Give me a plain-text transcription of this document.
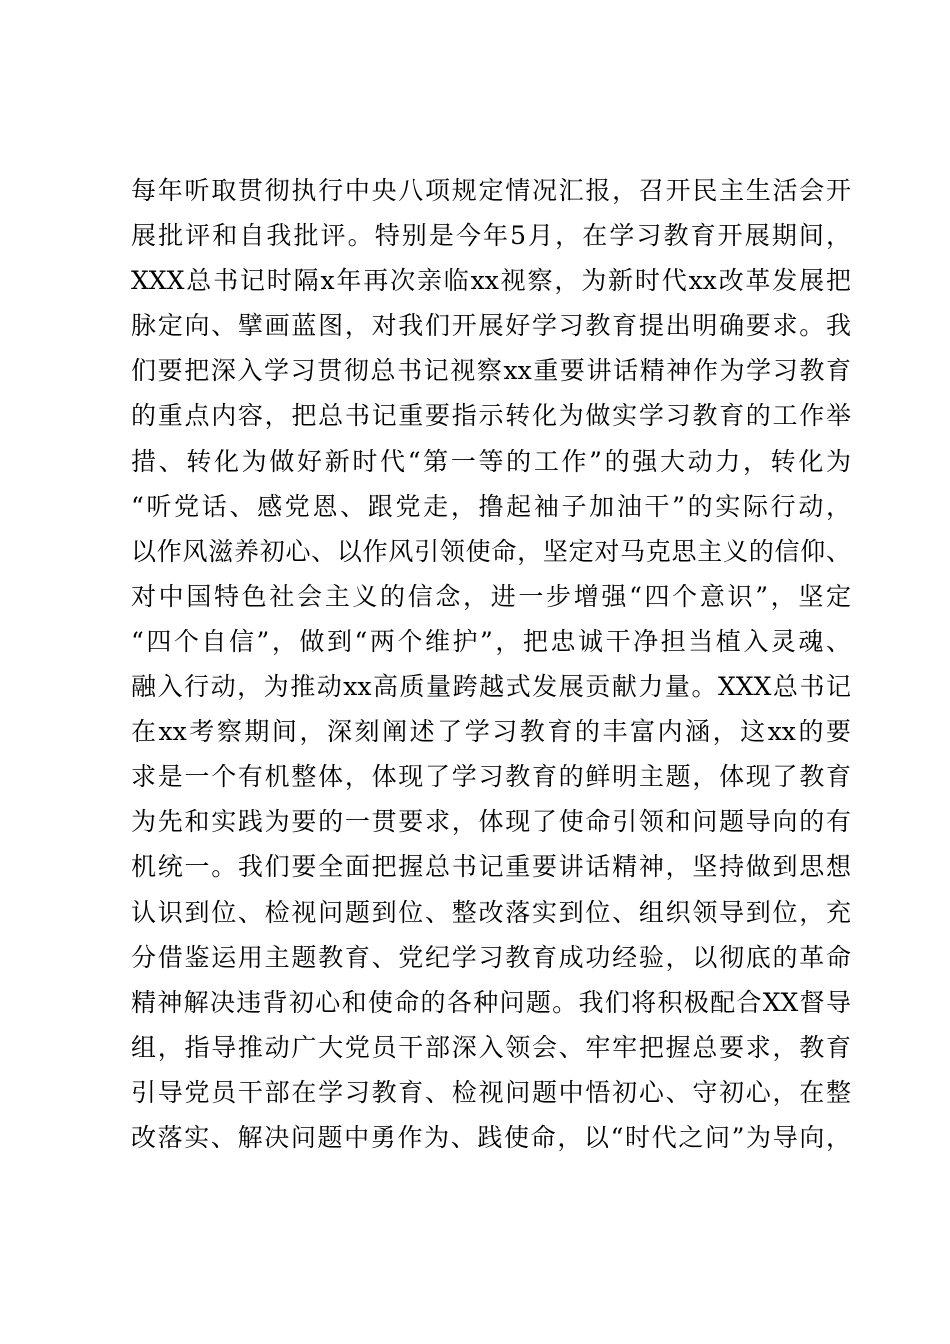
每年听取贯彻执行中央八项规定情况汇报，召开民主生活会开
展批评和自我批评。特别是今年5月，在学习教育开展期间，
XXX总书记时隔x年再次亲临xx视察，为新时代xx改革发展把
脉定向、擘画蓝图，对我们开展好学习教育提出明确要求。我
们要把深入学习贯彻总书记视察xx重要讲话精神作为学习教育
的重点内容，把总书记重要指示转化为做实学习教育的工作举
措、转化为做好新时代“第一等的工作”的强大动力，转化为
“听党话、感党恩、跟党走，撸起袖子加油干”的实际行动，
以作风滋养初心、以作风引领使命，坚定对马克思主义的信仰、
对中国特色社会主义的信念，进一步增强“四个意识”，坚定
“四个自信”，做到“两个维护”，把忠诚干净担当植入灵魂、
融入行动，为推动xx高质量跨越式发展贡献力量。XXX总书记
在xx考察期间，深刻阐述了学习教育的丰富内涵，这xx的要
求是一个有机整体，体现了学习教育的鲜明主题，体现了教育
为先和实践为要的一贯要求，体现了使命引领和问题导向的有
机统一。我们要全面把握总书记重要讲话精神，坚持做到思想
认识到位、检视问题到位、整改落实到位、组织领导到位，充
分借鉴运用主题教育、党纪学习教育成功经验，以彻底的革命
精神解决违背初心和使命的各种问题。我们将积极配合XX督导
组，指导推动广大党员干部深入领会、牢牢把握总要求，教育
引导党员干部在学习教育、检视问题中悟初心、守初心，在整
改落实、解决问题中勇作为、践使命，以“时代之问”为导向，
